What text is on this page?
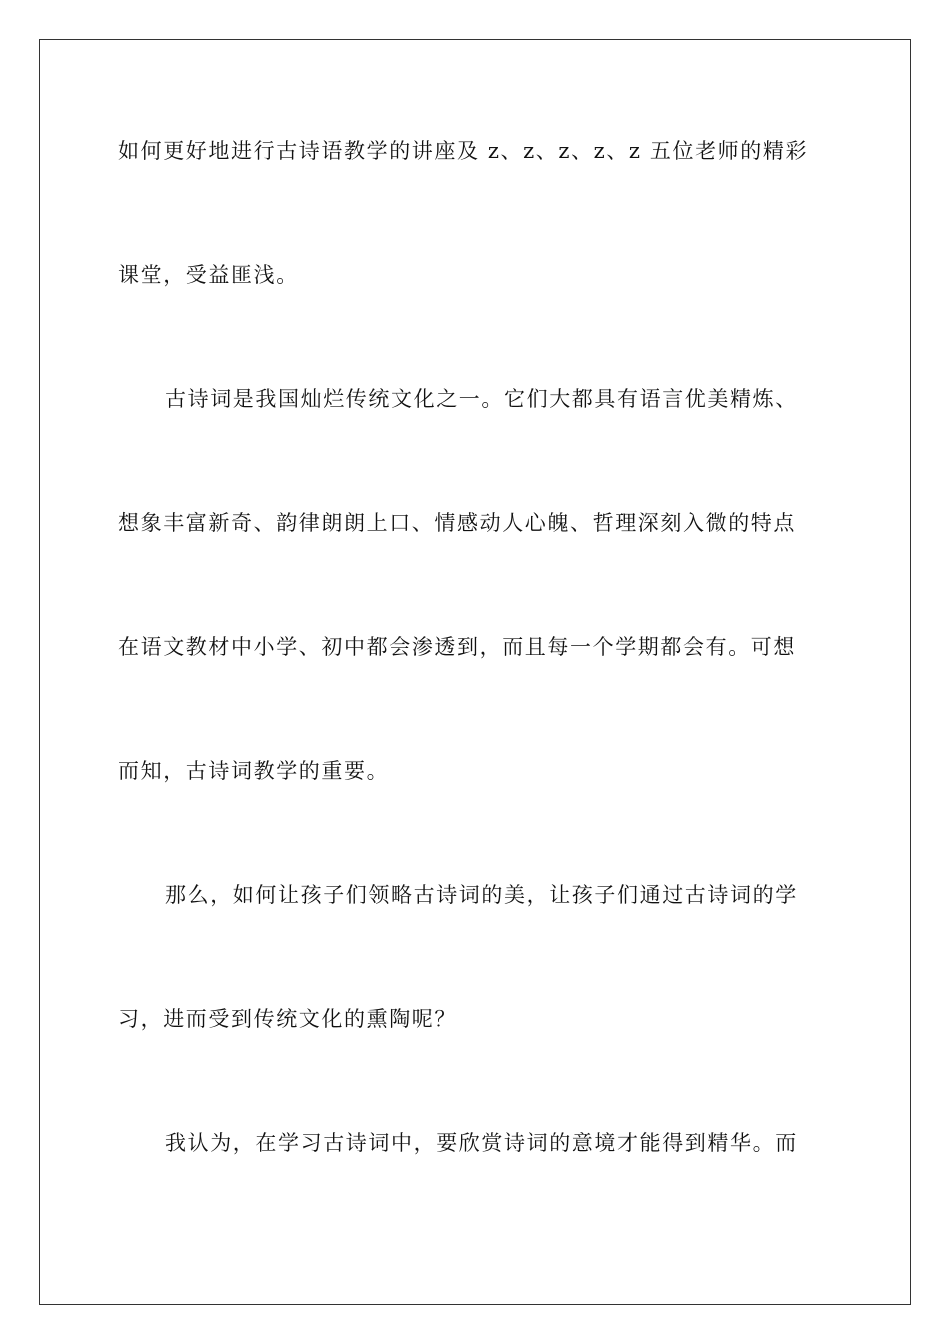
如何更好地进行古诗语教学的讲座及 z、z、z、z、z 五位老师的精彩
课堂，受益匪浅。
古诗词是我国灿烂传统文化之一。它们大都具有语言优美精炼、
想象丰富新奇、韵律朗朗上口、情感动人心魄、哲理深刻入微的特点
在语文教材中小学、初中都会渗透到，而且每一个学期都会有。可想
而知，古诗词教学的重要。
那么，如何让孩子们领略古诗词的美，让孩子们通过古诗词的学
习，进而受到传统文化的熏陶呢？
我认为，在学习古诗词中，要欣赏诗词的意境才能得到精华。而
